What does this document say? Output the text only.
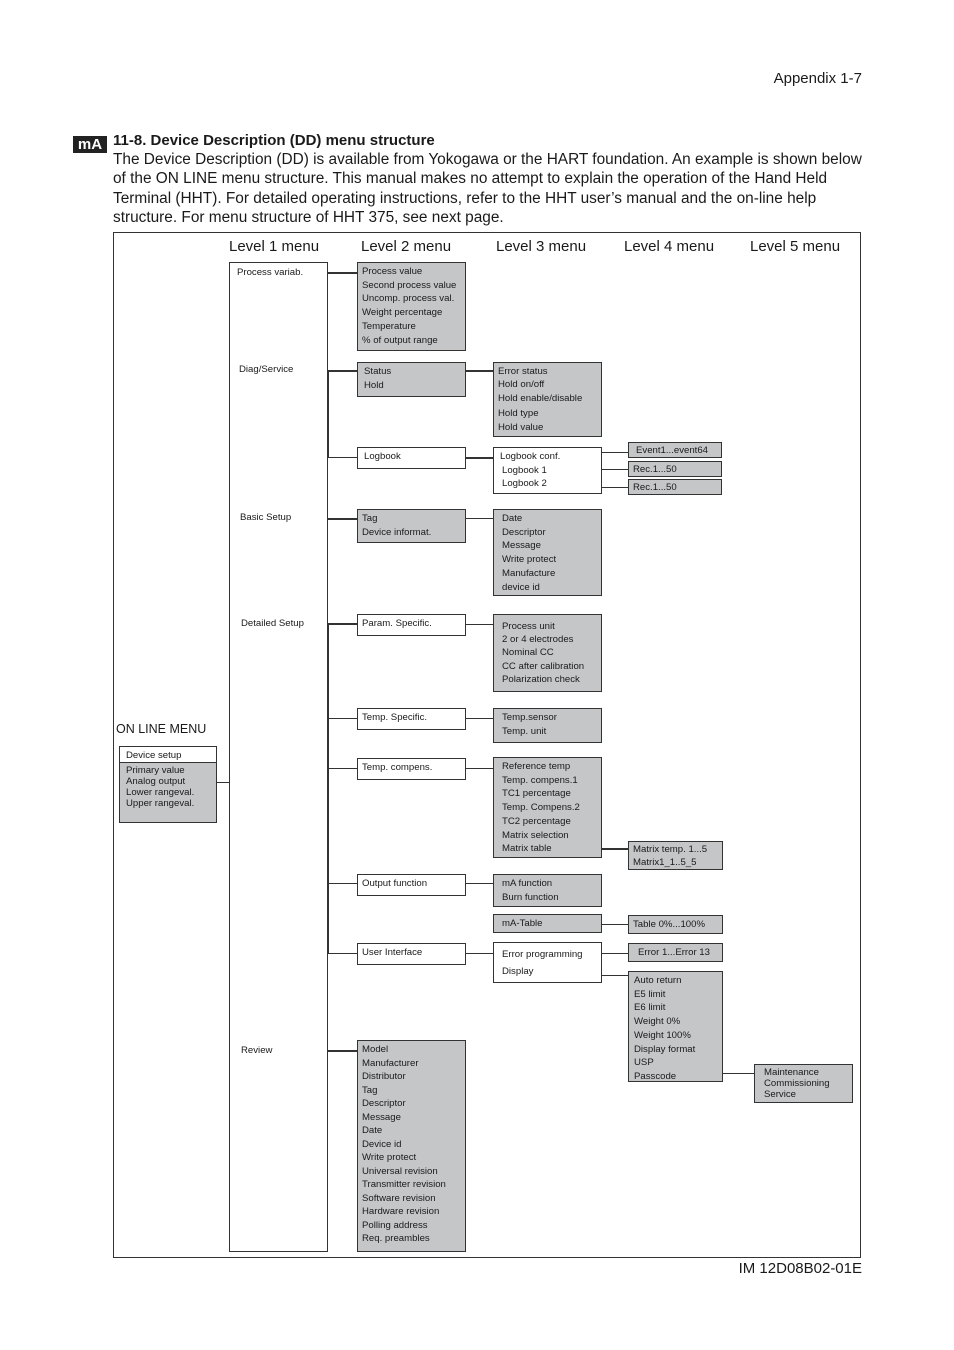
Appendix 1-7
mA 11-8. Device Description (DD) menu structure
The Device Description (DD) is available from Yokogawa or the HART foundation. An example is shown below of the ON LINE menu structure. This manual makes no attempt to explain the operation of the Hand Held Terminal (HHT). For detailed operating instructions, refer to the HHT user’s manual and the on-line help structure. For menu structure of HHT 375, see next page.
IM 12D08B02-01E
Level 1 menu	Level 2 menu	Level 3 menu	Level 4 menu Level 5 menu
ON LINE MENU
Device setup
Primary value
Analog output
Lower rangeval.
Upper rangeval.
Process variab.
Diag/Service
Basic Setup
Detailed Setup
Review
Process value
Second process value
Uncomp. process val.
Weight percentage
Temperature
% of output range
Status
Hold
Logbook
Tag
Device informat.
Param. Specific.
Temp. Specific.
Temp. compens.
Output function
User Interface
Model
Manufacturer
Distributor
Tag
Descriptor
Message
Date
Device id
Write protect
Universal revision
Transmitter revision
Software revision
Hardware revision
Polling address
Req. preambles
Error status
Hold on/off
Hold enable/disable
Hold type
Hold value
Logbook conf.
Logbook 1
Logbook 2
Date
Descriptor
Message
Write protect
Manufacture
device id
Process unit
2 or 4 electrodes
Nominal CC
CC after calibration
Polarization check
Temp.sensor
Temp. unit
Reference temp
Temp. compens.1
TC1 percentage
Temp. Compens.2
TC2 percentage
Matrix selection
Matrix table
mA function
Burn function
mA-Table
Error programming
Display
Event1...event64
Rec.1...50
Rec.1...50
Matrix temp. 1...5
Matrix1_1..5_5
Table 0%...100%
Error 1...Error 13
Auto return
E5 limit
E6 limit
Weight 0%
Weight 100%
Display format
USP
Passcode	Maintenance
Commissioning
Service
